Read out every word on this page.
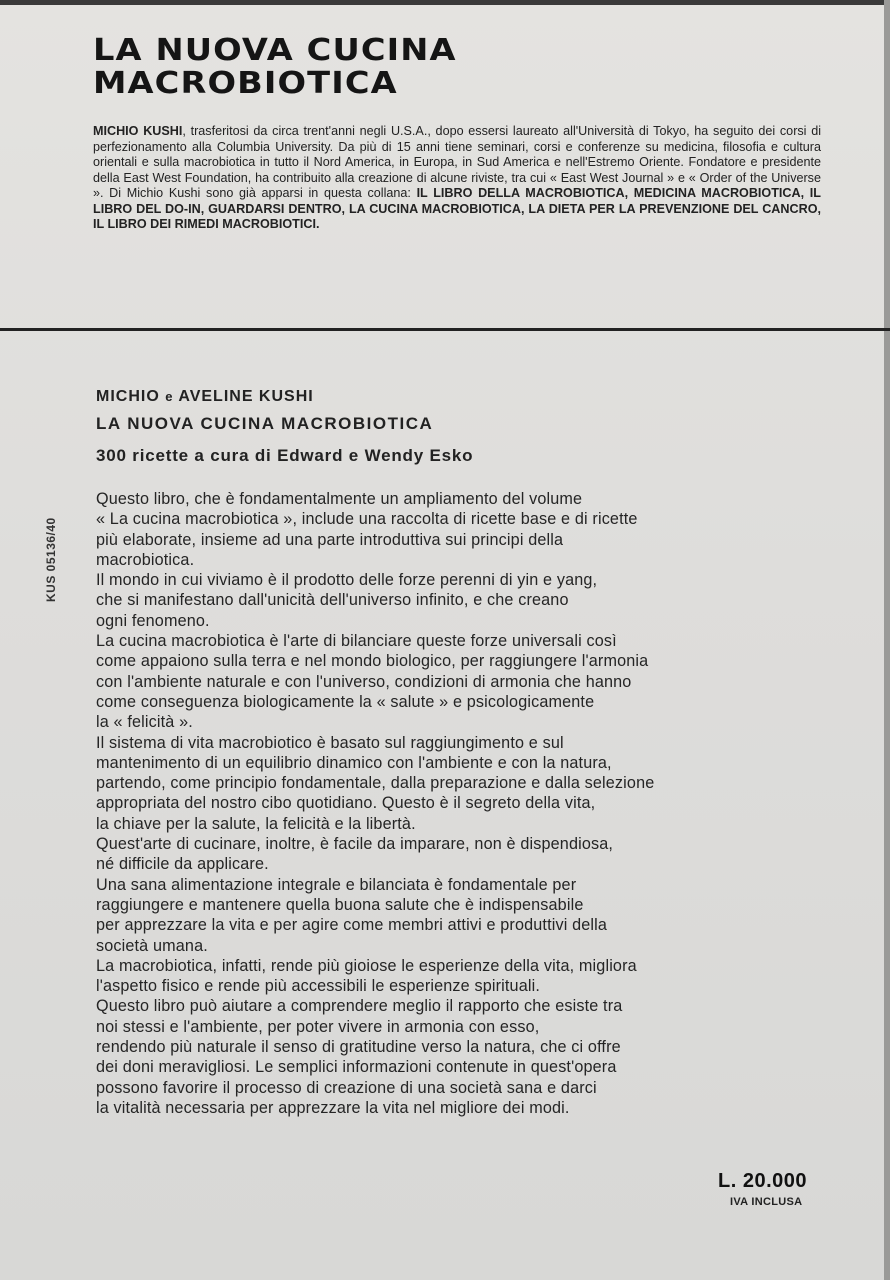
LA NUOVA CUCINA
MACROBIOTICA
MICHIO KUSHI, trasferitosi da circa trent'anni negli U.S.A., dopo essersi laureato all'Università di Tokyo, ha seguito dei corsi di perfezionamento alla Columbia University. Da più di 15 anni tiene seminari, corsi e conferenze su medicina, filosofia e cultura orientali e sulla macrobiotica in tutto il Nord America, in Europa, in Sud America e nell'Estremo Oriente. Fondatore e presidente della East West Foundation, ha contribuito alla creazione di alcune riviste, tra cui « East West Journal » e « Order of the Universe ». Di Michio Kushi sono già apparsi in questa collana: IL LIBRO DELLA MACROBIOTICA, MEDICINA MACROBIOTICA, IL LIBRO DEL DO-IN, GUARDARSI DENTRO, LA CUCINA MACROBIOTICA, LA DIETA PER LA PREVENZIONE DEL CANCRO, IL LIBRO DEI RIMEDI MACROBIOTICI.
MICHIO e AVELINE KUSHI
LA NUOVA CUCINA MACROBIOTICA
300 ricette a cura di Edward e Wendy Esko
KUS 05136/40
Questo libro, che è fondamentalmente un ampliamento del volume
« La cucina macrobiotica », include una raccolta di ricette base e di ricette
più elaborate, insieme ad una parte introduttiva sui principi della
macrobiotica.
Il mondo in cui viviamo è il prodotto delle forze perenni di yin e yang,
che si manifestano dall'unicità dell'universo infinito, e che creano
ogni fenomeno.
La cucina macrobiotica è l'arte di bilanciare queste forze universali così
come appaiono sulla terra e nel mondo biologico, per raggiungere l'armonia
con l'ambiente naturale e con l'universo, condizioni di armonia che hanno
come conseguenza biologicamente la « salute » e psicologicamente
la « felicità ».
Il sistema di vita macrobiotico è basato sul raggiungimento e sul
mantenimento di un equilibrio dinamico con l'ambiente e con la natura,
partendo, come principio fondamentale, dalla preparazione e dalla selezione
appropriata del nostro cibo quotidiano. Questo è il segreto della vita,
la chiave per la salute, la felicità e la libertà.
Quest'arte di cucinare, inoltre, è facile da imparare, non è dispendiosa,
né difficile da applicare.
Una sana alimentazione integrale e bilanciata è fondamentale per
raggiungere e mantenere quella buona salute che è indispensabile
per apprezzare la vita e per agire come membri attivi e produttivi della
società umana.
La macrobiotica, infatti, rende più gioiose le esperienze della vita, migliora
l'aspetto fisico e rende più accessibili le esperienze spirituali.
Questo libro può aiutare a comprendere meglio il rapporto che esiste tra
noi stessi e l'ambiente, per poter vivere in armonia con esso,
rendendo più naturale il senso di gratitudine verso la natura, che ci offre
dei doni meravigliosi. Le semplici informazioni contenute in quest'opera
possono favorire il processo di creazione di una società sana e darci
la vitalità necessaria per apprezzare la vita nel migliore dei modi.
L. 20.000
IVA INCLUSA
